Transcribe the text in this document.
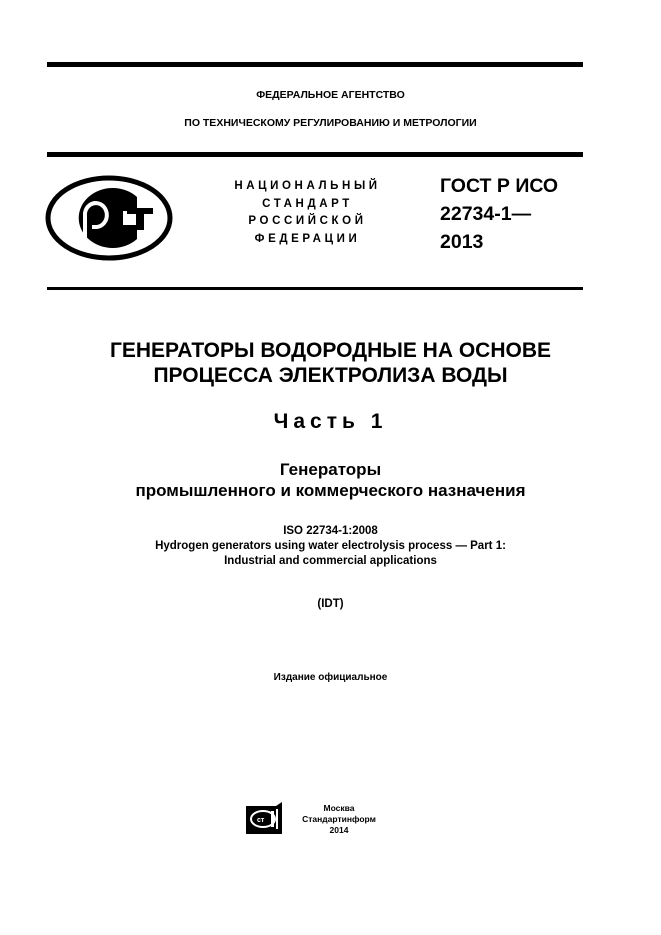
ФЕДЕРАЛЬНОЕ АГЕНТСТВО
ПО ТЕХНИЧЕСКОМУ РЕГУЛИРОВАНИЮ И МЕТРОЛОГИИ
НАЦИОНАЛЬНЫЙ
СТАНДАРТ
РОССИЙСКОЙ
ФЕДЕРАЦИИ
ГОСТ Р ИСО
22734-1—
2013
ГЕНЕРАТОРЫ ВОДОРОДНЫЕ НА ОСНОВЕ
ПРОЦЕССА ЭЛЕКТРОЛИЗА ВОДЫ
Часть 1
Генераторы
промышленного и коммерческого назначения
ISO 22734-1:2008
Hydrogen generators using water electrolysis process — Part 1:
Industrial and commercial applications
(IDT)
Издание официальное
ст
Москва
Стандартинформ
2014
